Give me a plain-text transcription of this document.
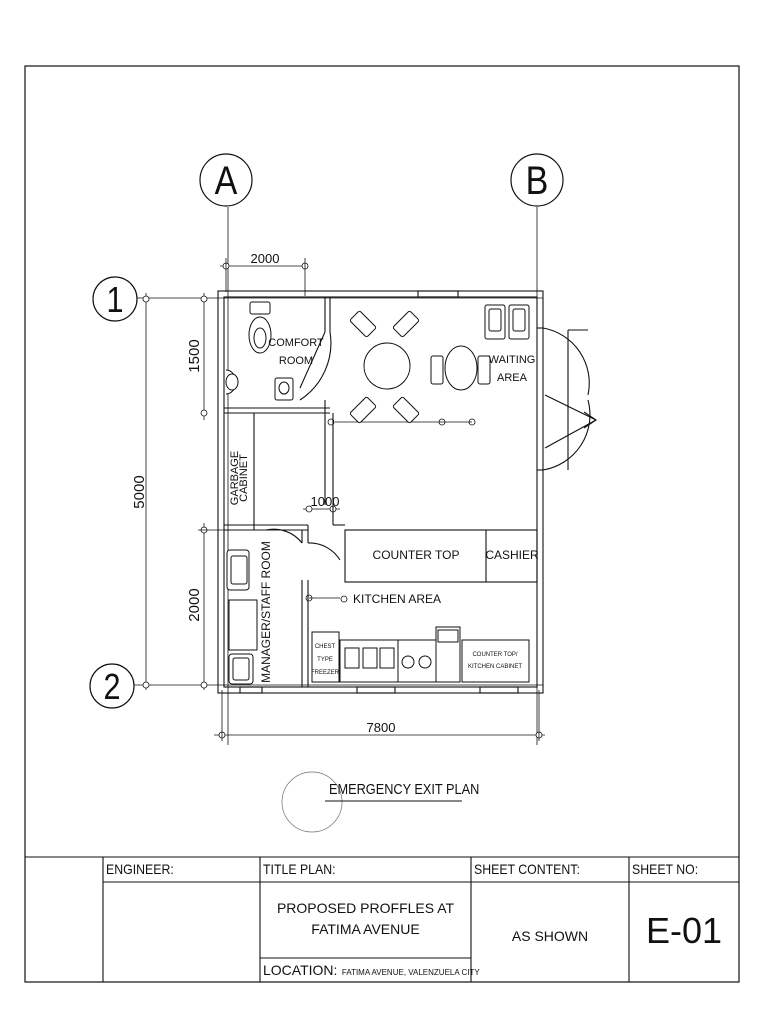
A	B
1
2
2000
1500
5000
2000
1000
7800
COMFORT
ROOM	WAITING
AREA
GARBAGE
CABINET
COUNTER TOP CASHIER
KITCHEN AREA
MANAGER/STAFF ROOM	CHEST
TYPE
FREEZER
COUNTER TOP/
KITCHEN CABINET
EMERGENCY EXIT PLAN
ENGINEER:	TITLE PLAN:	SHEET CONTENT:	SHEET NO:
PROPOSED PROFFLES AT
FATIMA AVENUE
LOCATION: FATIMA AVENUE, VALENZUELA CITY
AS SHOWN	E-01
